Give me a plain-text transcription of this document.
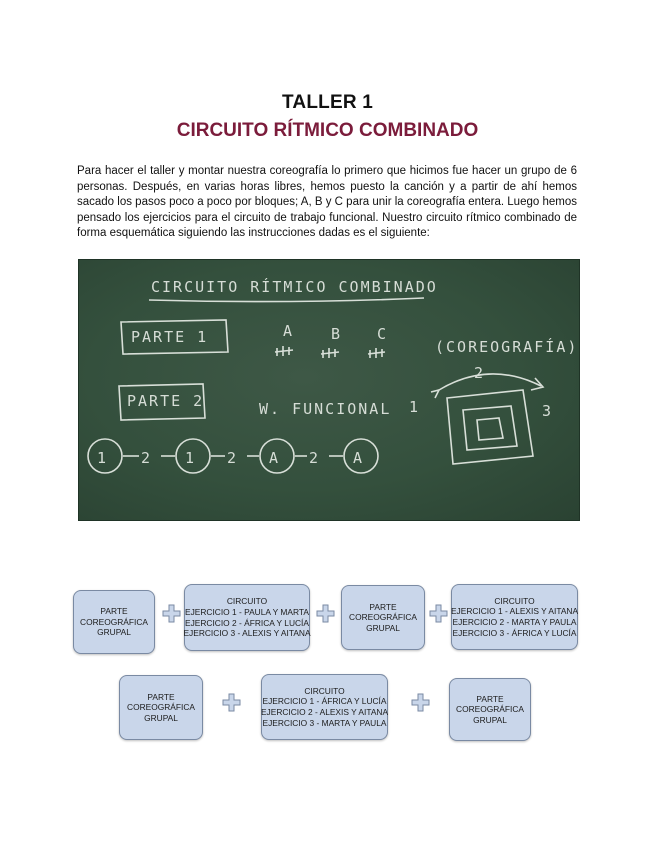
TALLER 1
CIRCUITO RÍTMICO COMBINADO
Para hacer el taller y montar nuestra coreografía lo primero que hicimos fue hacer un grupo de 6 personas. Después, en varias horas libres, hemos puesto la canción y a partir de ahí hemos sacado los pasos poco a poco por bloques; A, B y C para unir la coreografía entera. Luego hemos pensado los ejercicios para el circuito de trabajo funcional. Nuestro circuito rítmico combinado de forma esquemática siguiendo las instrucciones dadas es el siguiente:
CIRCUITO RÍTMICO COMBINADO
PARTE 1	A B C
(COREOGRAFÍA)
PARTE 2	W. FUNCIONAL 1
2
3
1 2 1 2 A 2 A
PARTE
COREOGRÁFICA
GRUPAL
CIRCUITO
EJERCICIO 1 - PAULA Y MARTA
EJERCICIO 2 - ÁFRICA Y LUCÍA
EJERCICIO 3 - ALEXIS Y AITANA
PARTE
COREOGRÁFICA
GRUPAL
CIRCUITO
EJERCICIO 1 - ALEXIS Y AITANA
EJERCICIO 2 - MARTA Y PAULA
EJERCICIO 3 - ÁFRICA Y LUCÍA
PARTE
COREOGRÁFICA
GRUPAL
CIRCUITO
EJERCICIO 1 - ÁFRICA Y LUCÍA
EJERCICIO 2 - ALEXIS Y AITANA
EJERCICIO 3 - MARTA Y PAULA
PARTE
COREOGRÁFICA
GRUPAL
